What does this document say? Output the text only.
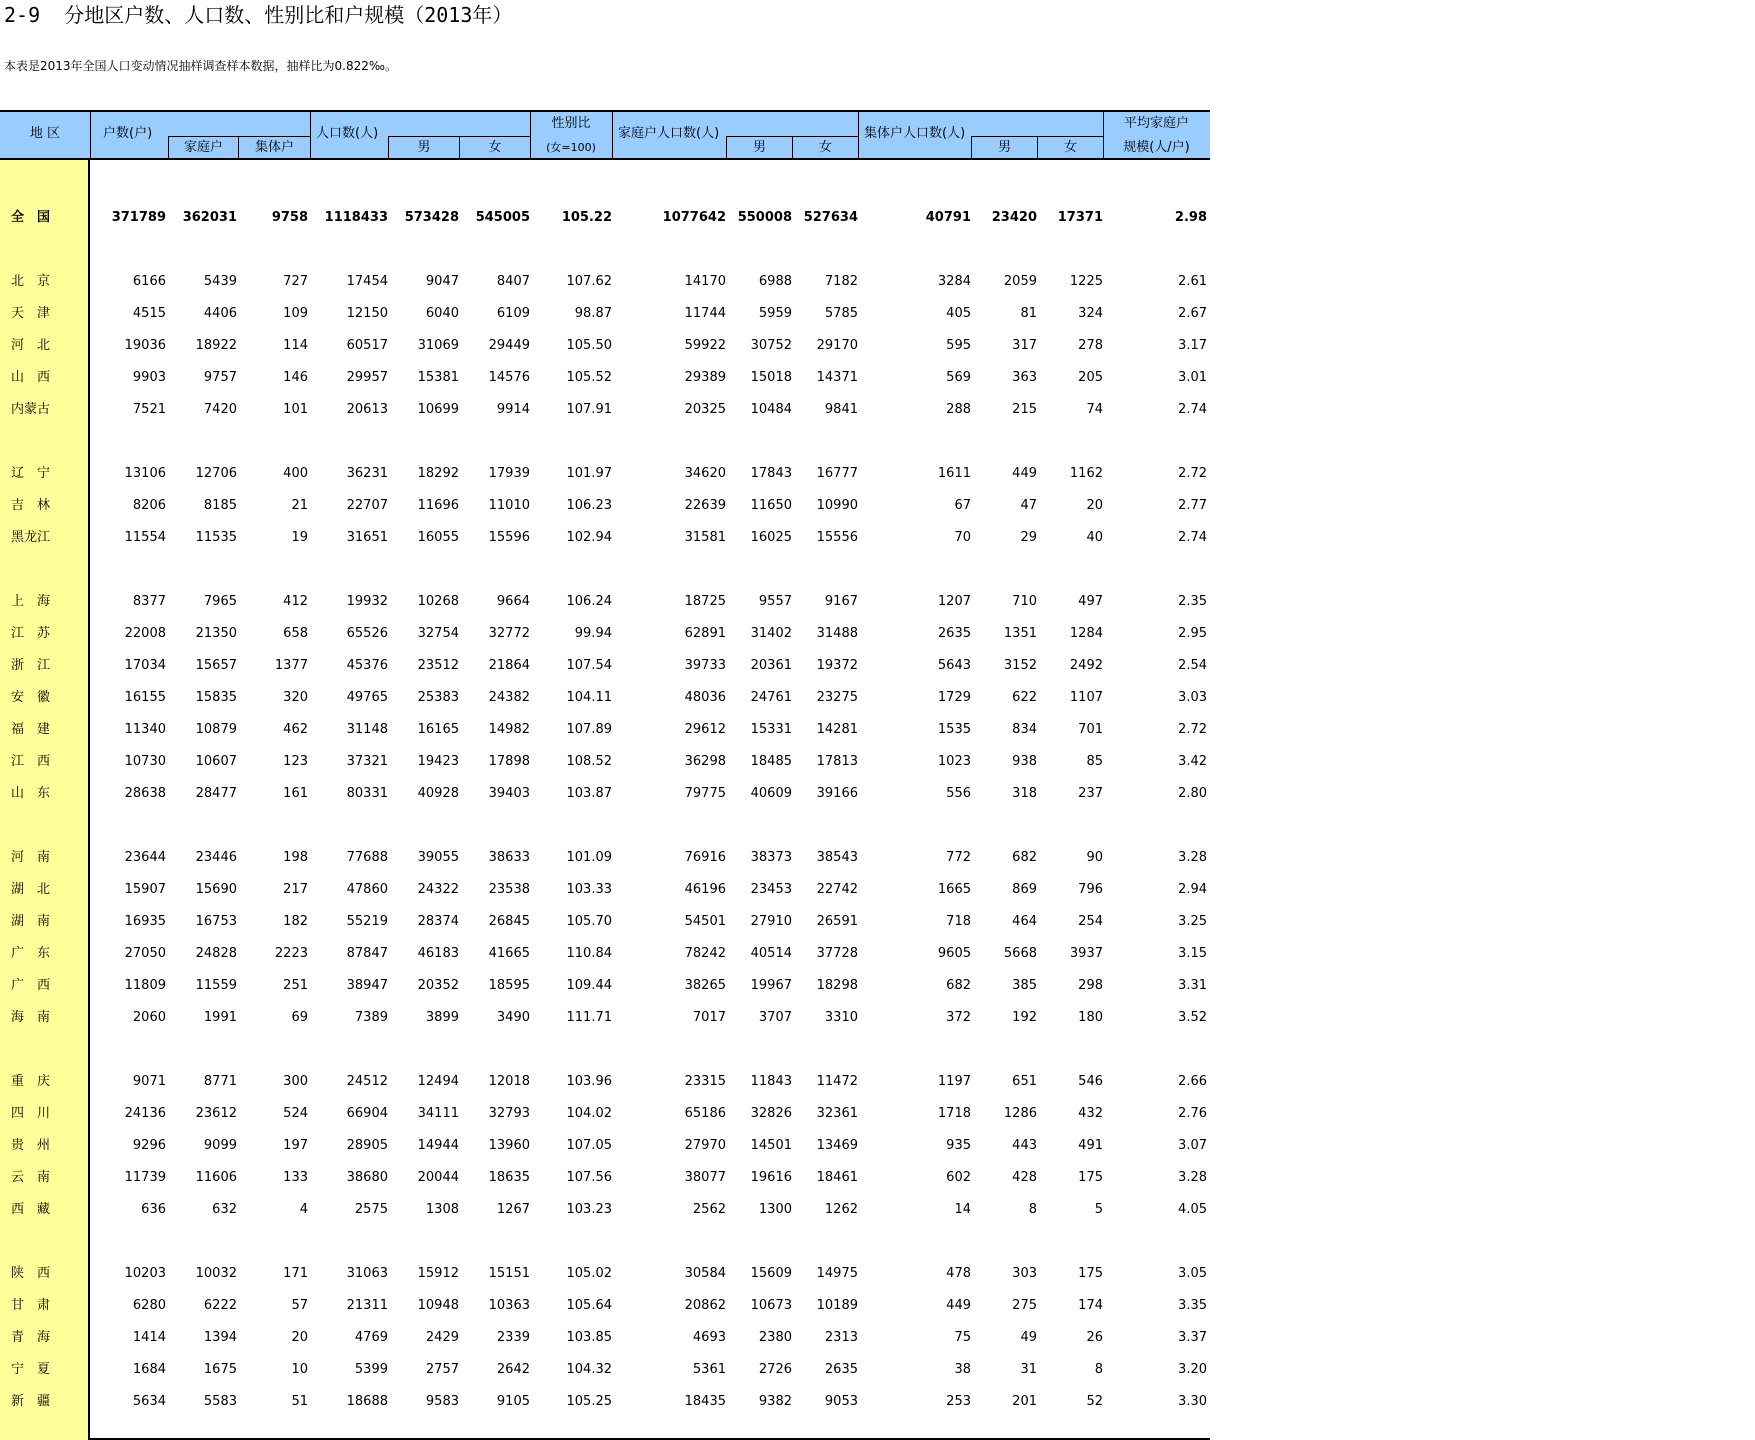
2-9  分地区户数、人口数、性别比和户规模（2013年）
本表是2013年全国人口变动情况抽样调查样本数据，抽样比为0.822‰。
地 区	户数(户)
家庭户	集体户
人口数(人)
男	女
性别比
(女=100)
家庭户人口数(人)
男	女
集体户人口数(人)
男	女
平均家庭户
规模(人/户)
全　国	371789	362031	9758	1118433	573428	545005	105.22	1077642 550008 527634	40791	23420	17371	2.98
北　京	6166	5439	727	17454	9047	8407	107.62	14170	6988	7182	3284	2059	1225	2.61
天　津	4515	4406	109	12150	6040	6109	98.87	11744	5959	5785	405	81	324	2.67
河　北	19036	18922	114	60517	31069	29449	105.50	59922	30752	29170	595	317	278	3.17
山　西	9903	9757	146	29957	15381	14576	105.52	29389	15018	14371	569	363	205	3.01
内蒙古	7521	7420	101	20613	10699	9914	107.91	20325	10484	9841	288	215	74	2.74
辽　宁	13106	12706	400	36231	18292	17939	101.97	34620	17843	16777	1611	449	1162	2.72
吉　林	8206	8185	21	22707	11696	11010	106.23	22639	11650	10990	67	47	20	2.77
黑龙江	11554	11535	19	31651	16055	15596	102.94	31581	16025	15556	70	29	40	2.74
上　海	8377	7965	412	19932	10268	9664	106.24	18725	9557	9167	1207	710	497	2.35
江　苏	22008	21350	658	65526	32754	32772	99.94	62891	31402	31488	2635	1351	1284	2.95
浙　江	17034	15657	1377	45376	23512	21864	107.54	39733	20361	19372	5643	3152	2492	2.54
安　徽	16155	15835	320	49765	25383	24382	104.11	48036	24761	23275	1729	622	1107	3.03
福　建	11340	10879	462	31148	16165	14982	107.89	29612	15331	14281	1535	834	701	2.72
江　西	10730	10607	123	37321	19423	17898	108.52	36298	18485	17813	1023	938	85	3.42
山　东	28638	28477	161	80331	40928	39403	103.87	79775	40609	39166	556	318	237	2.80
河　南	23644	23446	198	77688	39055	38633	101.09	76916	38373	38543	772	682	90	3.28
湖　北	15907	15690	217	47860	24322	23538	103.33	46196	23453	22742	1665	869	796	2.94
湖　南	16935	16753	182	55219	28374	26845	105.70	54501	27910	26591	718	464	254	3.25
广　东	27050	24828	2223	87847	46183	41665	110.84	78242	40514	37728	9605	5668	3937	3.15
广　西	11809	11559	251	38947	20352	18595	109.44	38265	19967	18298	682	385	298	3.31
海　南	2060	1991	69	7389	3899	3490	111.71	7017	3707	3310	372	192	180	3.52
重　庆	9071	8771	300	24512	12494	12018	103.96	23315	11843	11472	1197	651	546	2.66
四　川	24136	23612	524	66904	34111	32793	104.02	65186	32826	32361	1718	1286	432	2.76
贵　州	9296	9099	197	28905	14944	13960	107.05	27970	14501	13469	935	443	491	3.07
云　南	11739	11606	133	38680	20044	18635	107.56	38077	19616	18461	602	428	175	3.28
西　藏	636	632	4	2575	1308	1267	103.23	2562	1300	1262	14	8	5	4.05
陕　西	10203	10032	171	31063	15912	15151	105.02	30584	15609	14975	478	303	175	3.05
甘　肃	6280	6222	57	21311	10948	10363	105.64	20862	10673	10189	449	275	174	3.35
青　海	1414	1394	20	4769	2429	2339	103.85	4693	2380	2313	75	49	26	3.37
宁　夏	1684	1675	10	5399	2757	2642	104.32	5361	2726	2635	38	31	8	3.20
新　疆	5634	5583	51	18688	9583	9105	105.25	18435	9382	9053	253	201	52	3.30
